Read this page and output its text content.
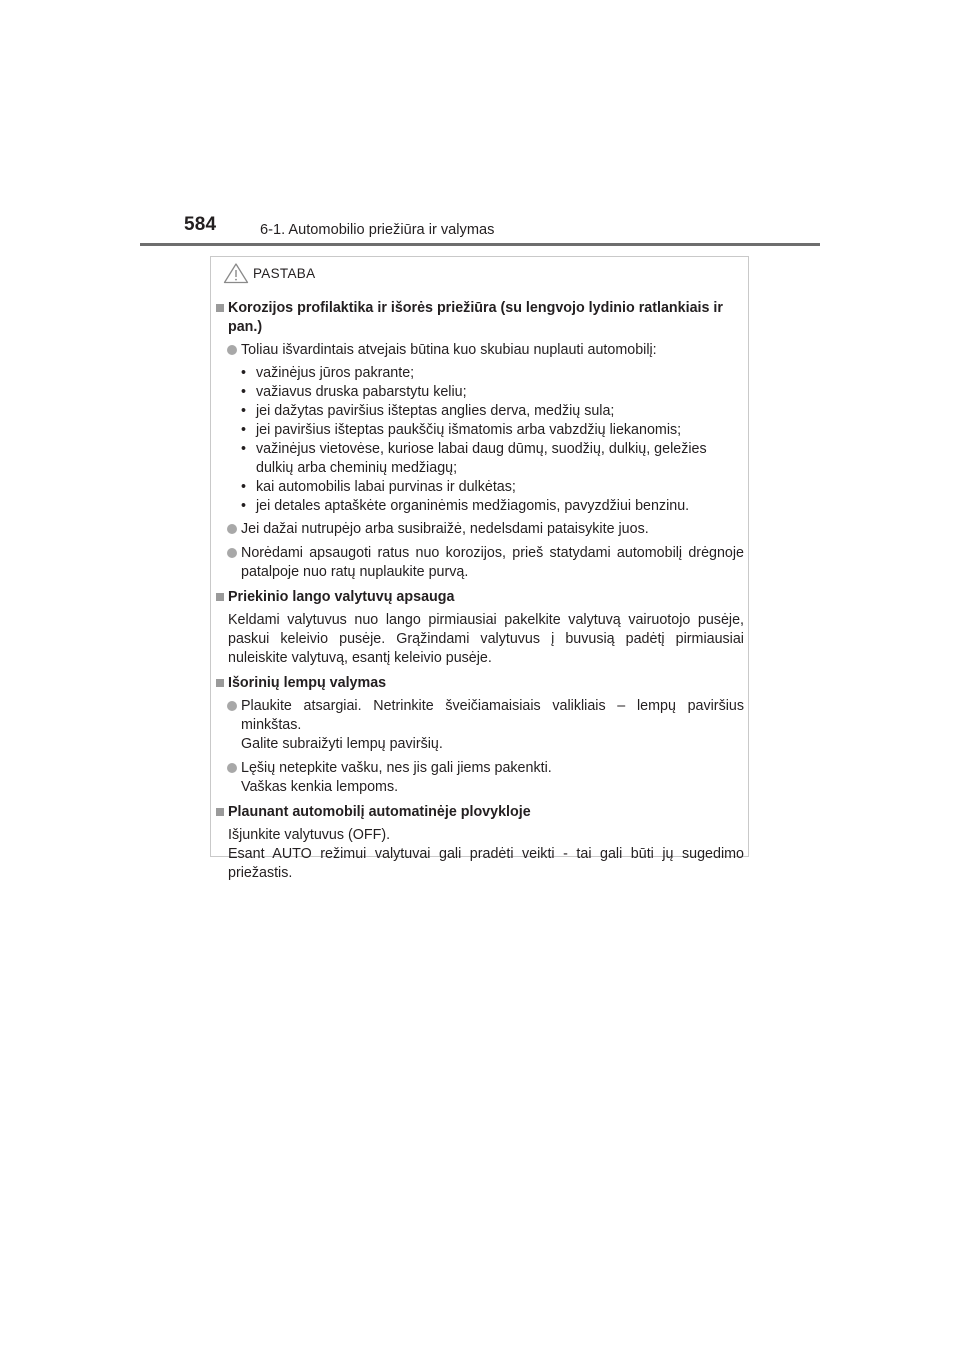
584	6-1. Automobilio priežiūra ir valymas
PASTABA
Korozijos profilaktika ir išorės priežiūra (su lengvojo lydinio ratlankiais ir pan.)
Toliau išvardintais atvejais būtina kuo skubiau nuplauti automobilį:
• važinėjus jūros pakrante;
• važiavus druska pabarstytu keliu;
• jei dažytas paviršius išteptas anglies derva, medžių sula;
• jei paviršius išteptas paukščių išmatomis arba vabzdžių liekanomis;
• važinėjus vietovėse, kuriose labai daug dūmų, suodžių, dulkių, geležies dulkių arba cheminių medžiagų;
• kai automobilis labai purvinas ir dulkėtas;
• jei detales aptaškėte organinėmis medžiagomis, pavyzdžiui benzinu.
Jei dažai nutrupėjo arba susibraižė, nedelsdami pataisykite juos.
Norėdami apsaugoti ratus nuo korozijos, prieš statydami automobilį drėgnoje patalpoje nuo ratų nuplaukite purvą.
Priekinio lango valytuvų apsauga
Keldami valytuvus nuo lango pirmiausiai pakelkite valytuvą vairuotojo pusėje, paskui keleivio pusėje. Grąžindami valytuvus į buvusią padėtį pirmiausiai nuleiskite valytuvą, esantį keleivio pusėje.
Išorinių lempų valymas
Plaukite atsargiai. Netrinkite šveičiamaisiais valikliais – lempų paviršius minkštas.
Galite subraižyti lempų paviršių.
Lęšių netepkite vašku, nes jis gali jiems pakenkti.
Vaškas kenkia lempoms.
Plaunant automobilį automatinėje plovykloje
Išjunkite valytuvus (OFF).
Esant AUTO režimui valytuvai gali pradėti veikti - tai gali būti jų sugedimo priežastis.
